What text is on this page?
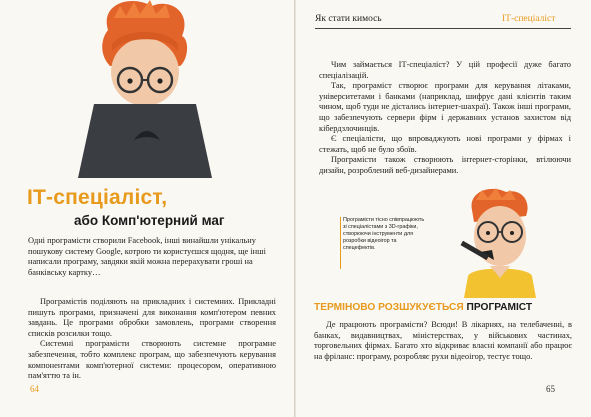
ІТ-спеціаліст,
або Комп'ютерний маг
Одні програмісти створили Facebook, інші винайшли унікальну пошукову систему Google, котрою ти користуєшся щодня, ще інші написали програму, завдяки якій можна перерахувати гроші на банківську картку…

Програмістів поділяють на прикладних і системних. Прикладні пишуть програми, призначені для виконання комп'ютером певних завдань. Це програми обробки замовлень, програми створення списків розсилки тощо.

Системні програмісти створюють системне програмне забезпечення, тобто комплекс програм, що забезпечують керування компонентами комп'ютерної системи: процесором, оперативною пам'яттю та ін.

64
Як стати кимось	ІТ-спеціаліст

Чим займається ІТ-спеціаліст? У цій професії дуже багато спеціалізацій.

Так, програміст створює програми для керування літаками, університетами і банками (наприклад, шифрує дані клієнтів таким чином, щоб туди не дістались інтернет-шахраї). Також інші програми, що забезпечують сервери фірм і державних установ захистом від кібердзлочинців.

Є спеціалісти, що впроваджують нові програми у фірмах і стежать, щоб не було збоїв.

Програмісти також створюють інтернет-сторінки, втілюючи дизайн, розроблений веб-дизайнерами.

Програмісти тісно співпрацюють зі спеціалістами з 3D-графіки, створюючи інструменти для розробки відеоігор та спецефектів.
ТЕРМІНОВО РОЗШУКУЄТЬСЯ ПРОГРАМІСТ

Де працюють програмісти? Всюди! В лікарнях, на телебаченні, в банках, видавництвах, міністерствах, у військових частинах, торговельних фірмах. Багато хто відкриває власні компанії або працює на фріланс: програму, розробляє рухи відеоігор, тестує тощо.

65
